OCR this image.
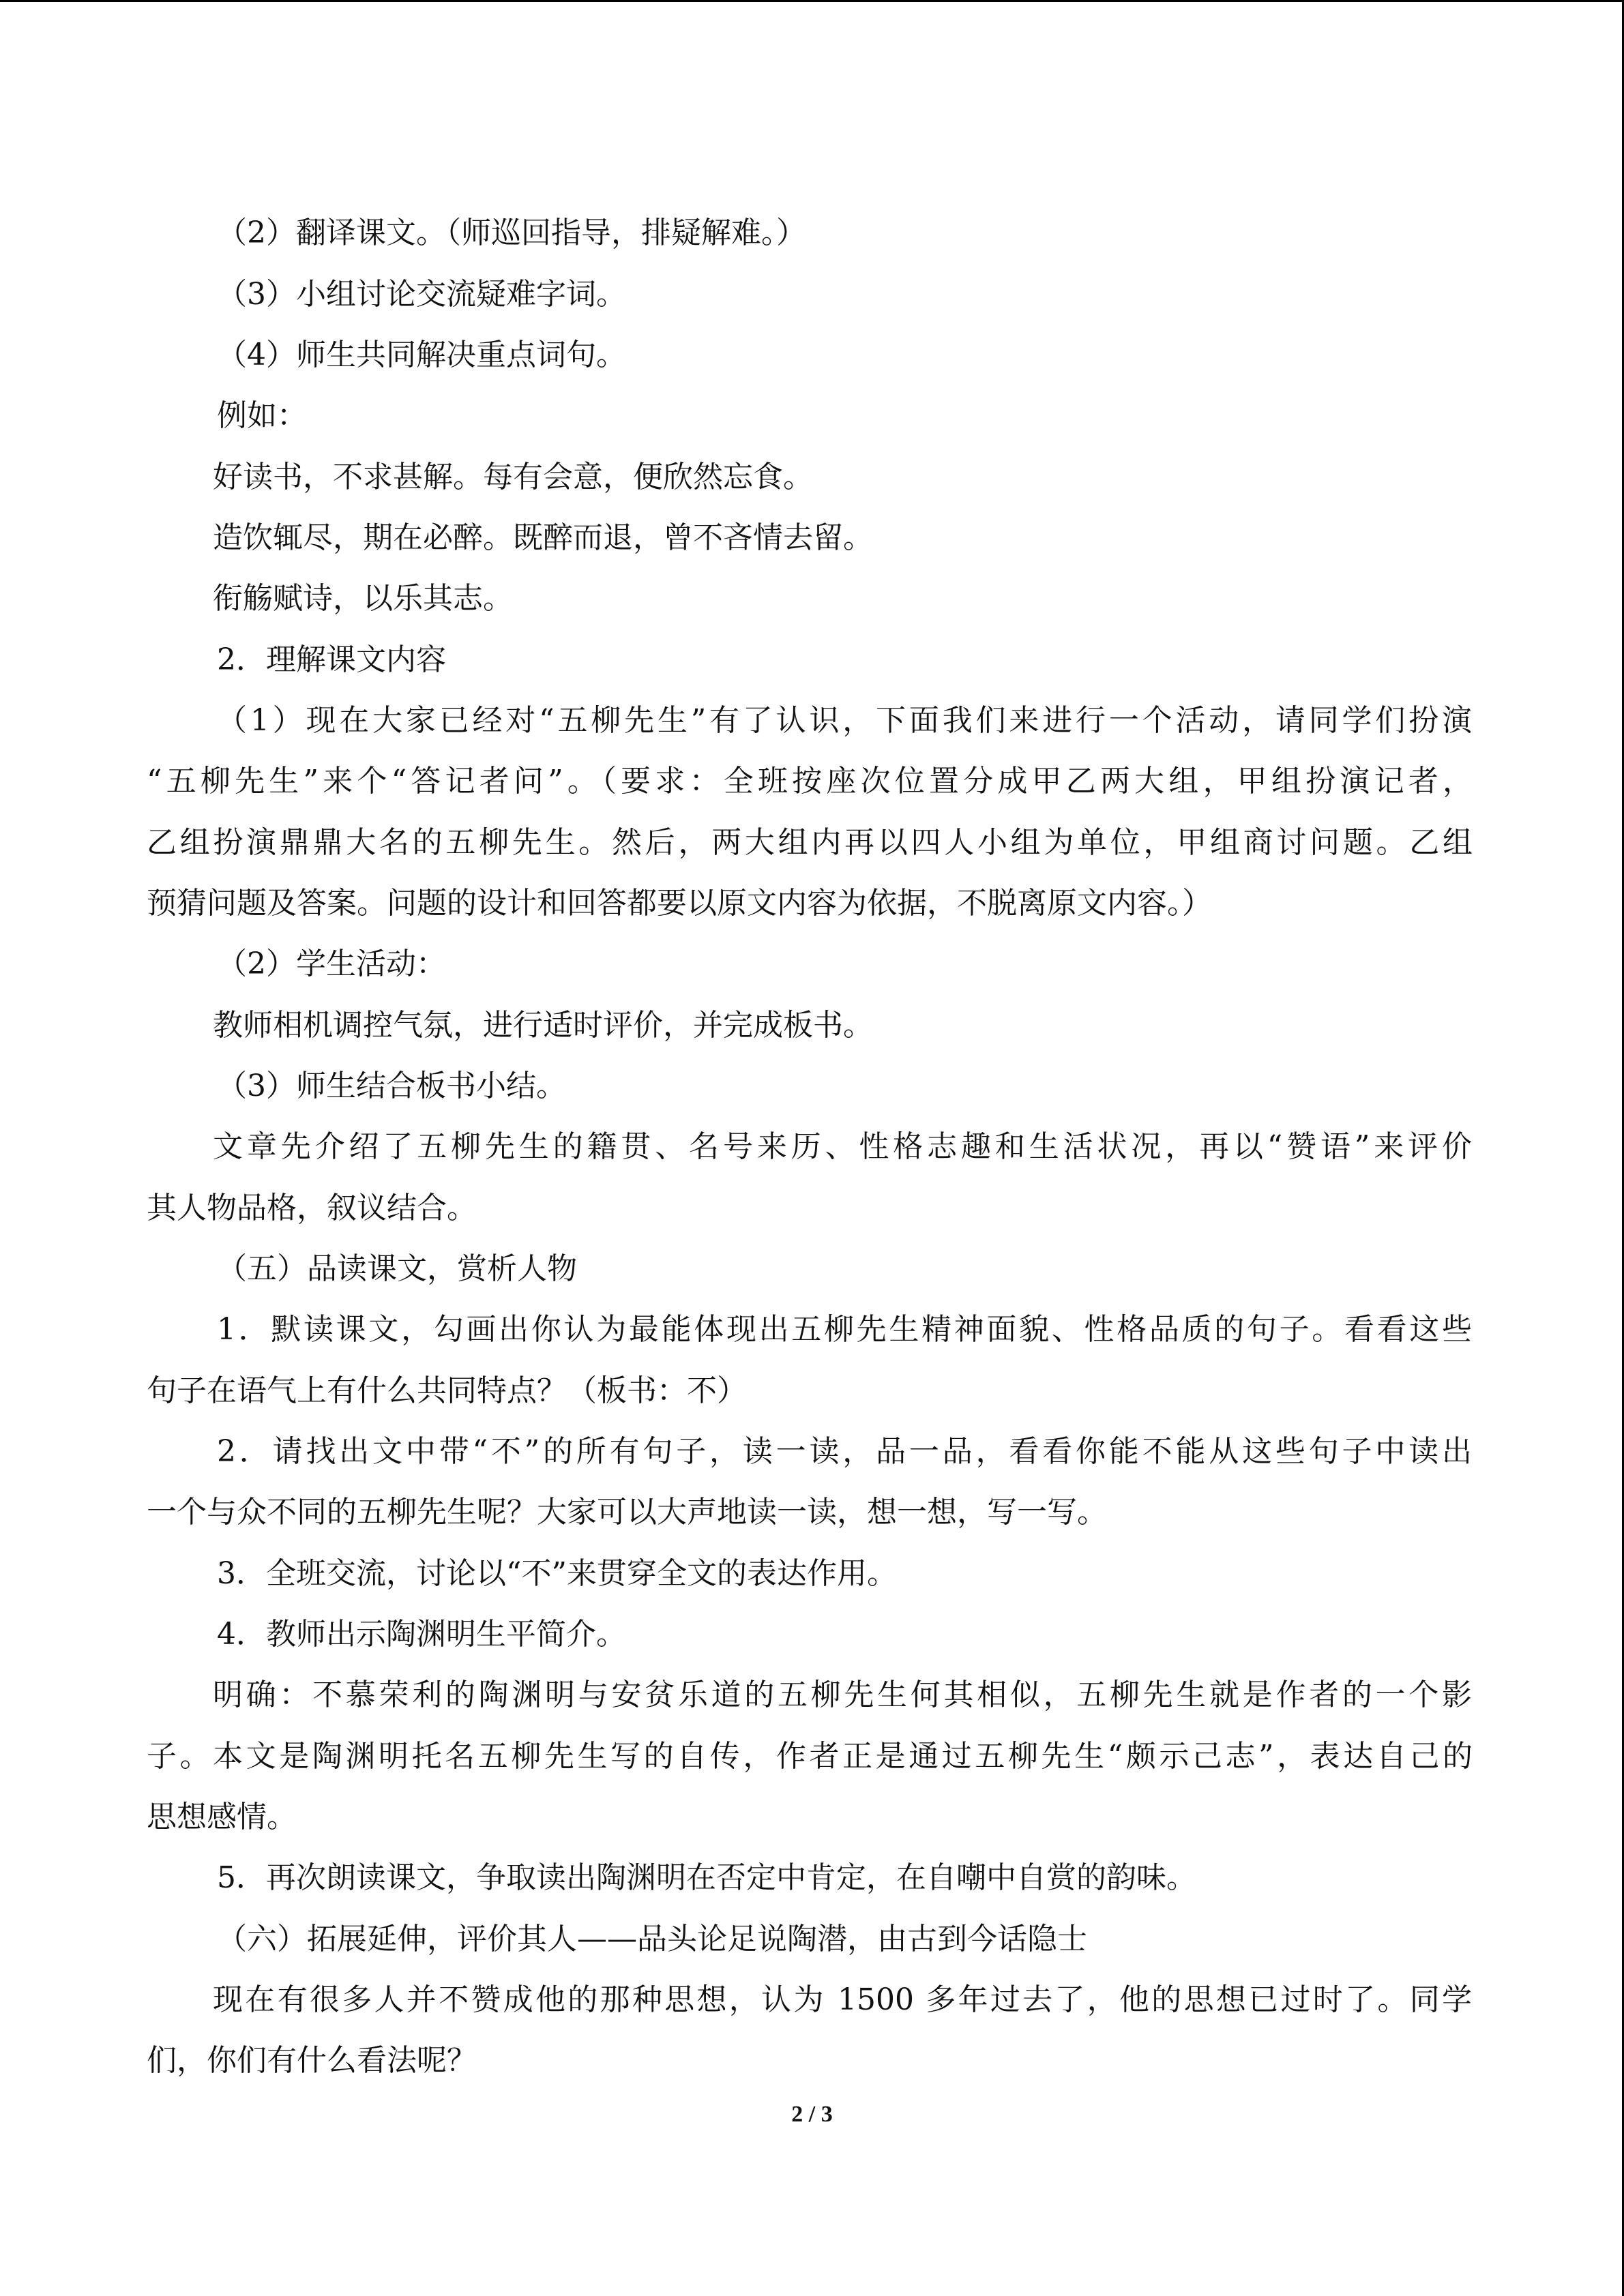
（2）翻译课文。（师巡回指导，排疑解难。）
（3）小组讨论交流疑难字词。
（4）师生共同解决重点词句。
例如：
好读书，不求甚解。每有会意，便欣然忘食。
造饮辄尽，期在必醉。既醉而退，曾不吝情去留。
衔觞赋诗，以乐其志。
2．理解课文内容
（1）现在大家已经对“五柳先生”有了认识，下面我们来进行一个活动，请同学们扮演
“五柳先生”来个“答记者问”。（要求：全班按座次位置分成甲乙两大组，甲组扮演记者，
乙组扮演鼎鼎大名的五柳先生。然后，两大组内再以四人小组为单位，甲组商讨问题。乙组
预猜问题及答案。问题的设计和回答都要以原文内容为依据，不脱离原文内容。）
（2）学生活动：
教师相机调控气氛，进行适时评价，并完成板书。
（3）师生结合板书小结。
文章先介绍了五柳先生的籍贯、名号来历、性格志趣和生活状况，再以“赞语”来评价
其人物品格，叙议结合。
（五）品读课文，赏析人物
1．默读课文，勾画出你认为最能体现出五柳先生精神面貌、性格品质的句子。看看这些
句子在语气上有什么共同特点？（板书：不）
2．请找出文中带“不”的所有句子，读一读，品一品，看看你能不能从这些句子中读出
一个与众不同的五柳先生呢？大家可以大声地读一读，想一想，写一写。
3．全班交流，讨论以“不”来贯穿全文的表达作用。
4．教师出示陶渊明生平简介。
明确：不慕荣利的陶渊明与安贫乐道的五柳先生何其相似，五柳先生就是作者的一个影
子。本文是陶渊明托名五柳先生写的自传，作者正是通过五柳先生“颇示己志”，表达自己的
思想感情。
5．再次朗读课文，争取读出陶渊明在否定中肯定，在自嘲中自赏的韵味。
（六）拓展延伸，评价其人——品头论足说陶潜，由古到今话隐士
现在有很多人并不赞成他的那种思想，认为 1500 多年过去了，他的思想已过时了。同学
们，你们有什么看法呢？
2 / 3
